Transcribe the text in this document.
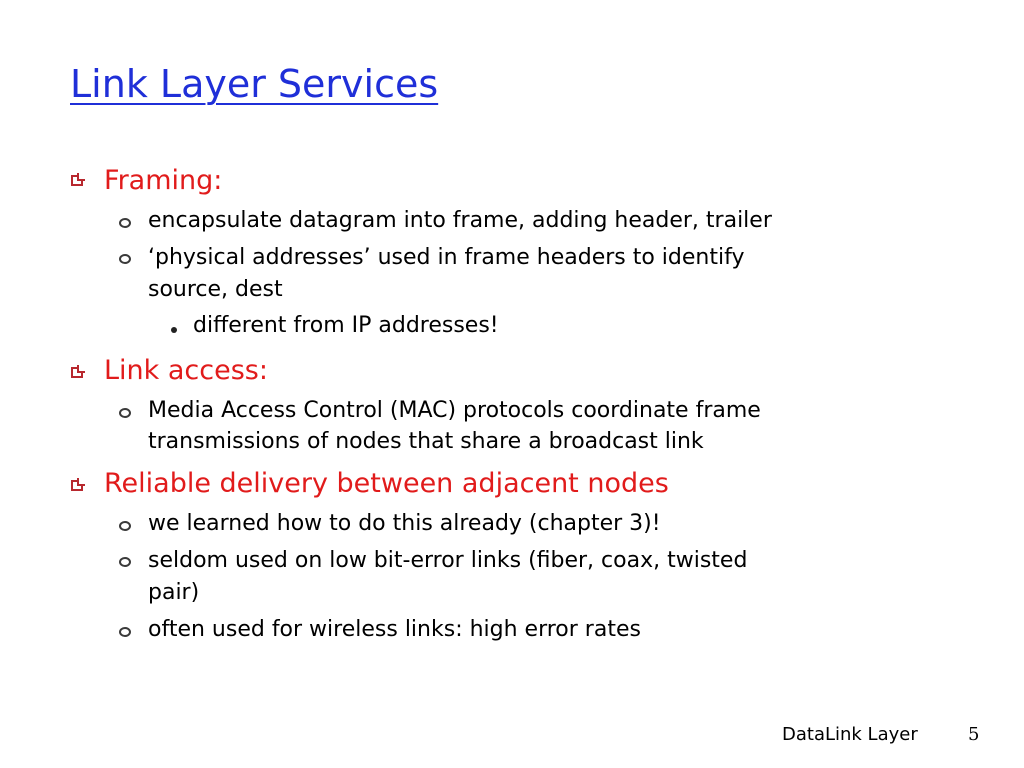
Link Layer Services
Framing:
encapsulate datagram into frame, adding header, trailer
‘physical addresses’ used in frame headers to identify
source, dest
different from IP addresses!
Link access:
Media Access Control (MAC) protocols coordinate frame
transmissions of nodes that share a broadcast link
Reliable delivery between adjacent nodes
we learned how to do this already (chapter 3)!
seldom used on low bit-error links (fiber, coax, twisted
pair)
often used for wireless links: high error rates
DataLink Layer	5
